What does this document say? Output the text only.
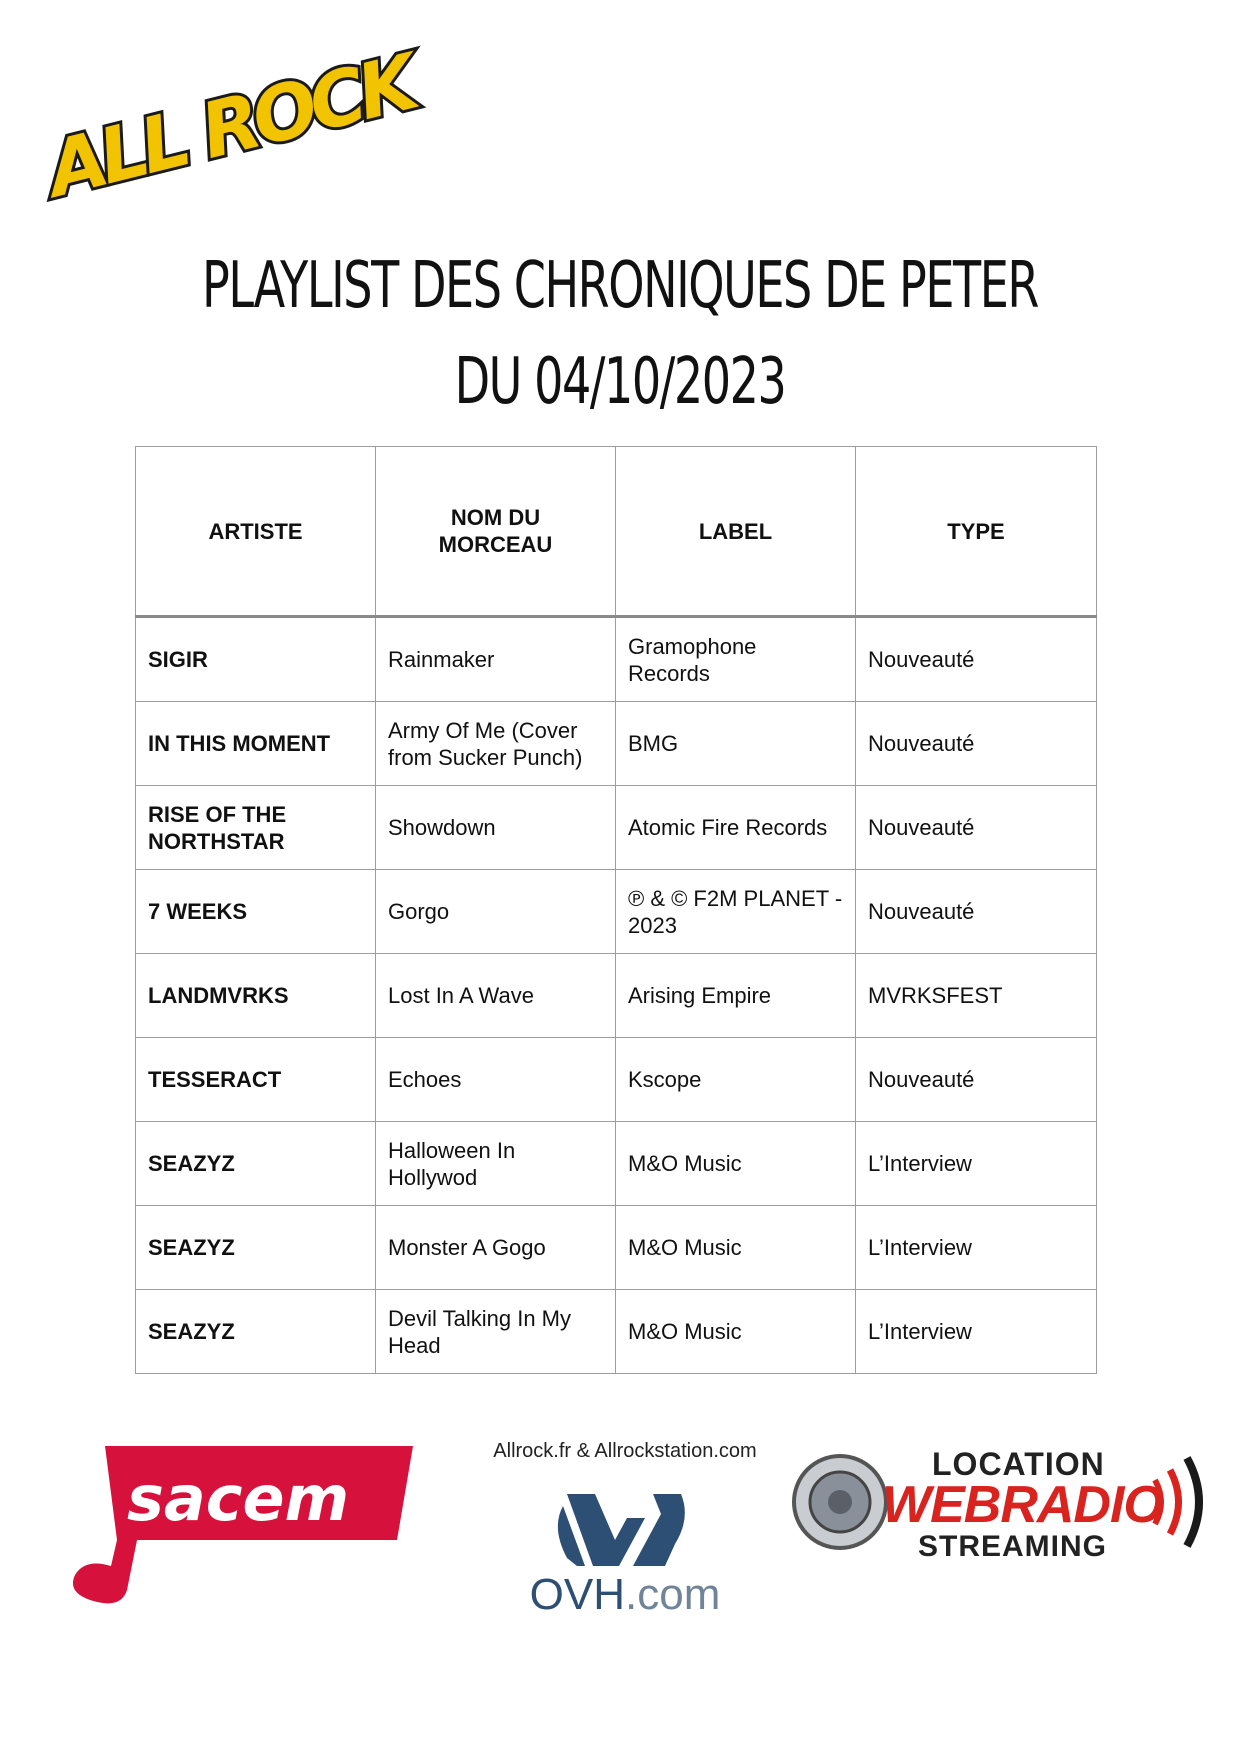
ALL ROCK
PLAYLIST DES CHRONIQUES DE PETER
DU 04/10/2023
ARTISTE	NOM DU MORCEAU	LABEL	TYPE
SIGIR	Rainmaker	Gramophone Records	Nouveauté
IN THIS MOMENT	Army Of Me (Cover from Sucker Punch)	BMG	Nouveauté

RISE OF THE NORTHSTAR	Showdown	Atomic Fire Records	Nouveauté
7 WEEKS	Gorgo	℗ & © F2M PLANET - 2023	Nouveauté
LANDMVRKS	Lost In A Wave	Arising Empire	MVRKSFEST
TESSERACT	Echoes	Kscope	Nouveauté
SEAZYZ	Halloween In Hollywod	M&O Music	L’Interview
SEAZYZ	Monster A Gogo	M&O Music	L’Interview
SEAZYZ	Devil Talking In My Head	M&O Music	L’Interview
sacem
Allrock.fr & Allrockstation.com
OVH.com
LOCATION
WEBRADIO
STREAMING
